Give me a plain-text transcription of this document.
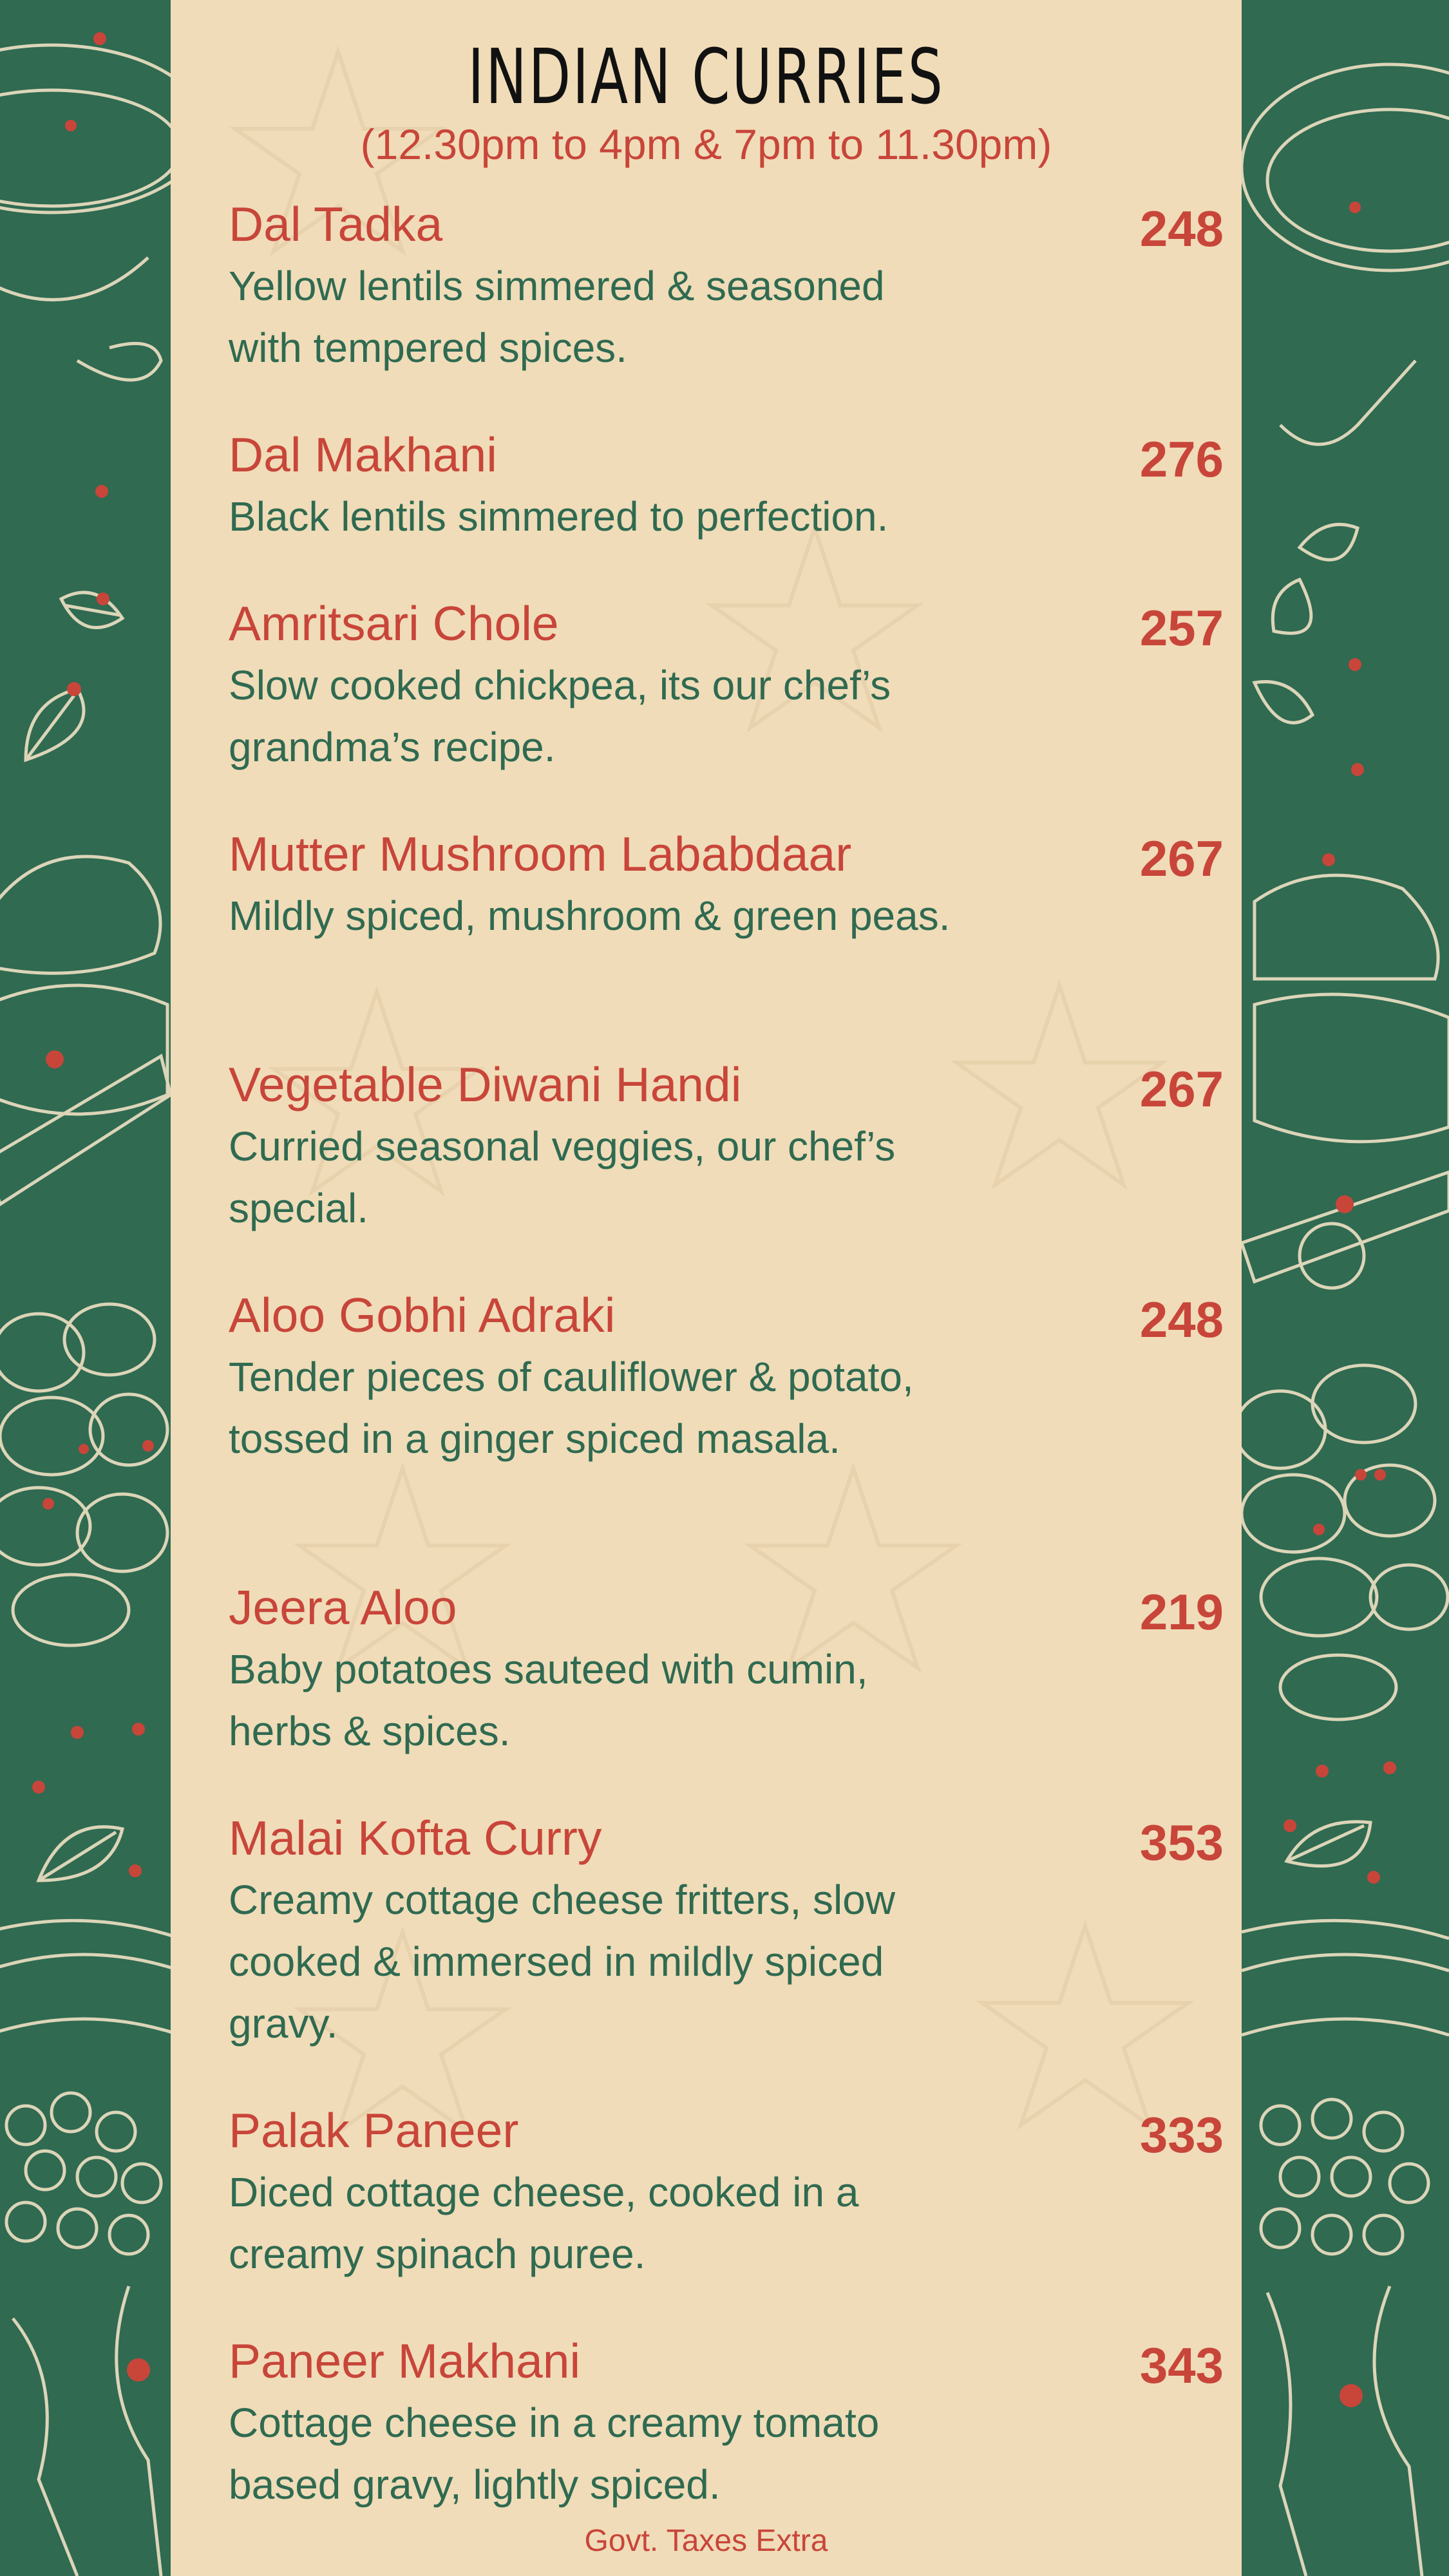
INDIAN CURRIES
(12.30pm to 4pm & 7pm to 11.30pm)
Dal Tadka	248
Yellow lentils simmered & seasoned with tempered spices.
Dal Makhani	276
Black lentils simmered to perfection.
Amritsari Chole	257
Slow cooked chickpea, its our chef’s grandma’s recipe.
Mutter Mushroom Lababdaar	267
Mildly spiced, mushroom & green peas.
Vegetable Diwani Handi	267
Curried seasonal veggies, our chef’s special.
Aloo Gobhi Adraki	248
Tender pieces of cauliflower & potato, tossed in a ginger spiced masala.
Jeera Aloo	219
Baby potatoes sauteed with cumin, herbs & spices.
Malai Kofta Curry	353
Creamy cottage cheese fritters, slow cooked & immersed in mildly spiced gravy.
Palak Paneer	333
Diced cottage cheese, cooked in a creamy spinach puree.
Paneer Makhani	343
Cottage cheese in a creamy tomato based gravy, lightly spiced.
Govt. Taxes Extra
